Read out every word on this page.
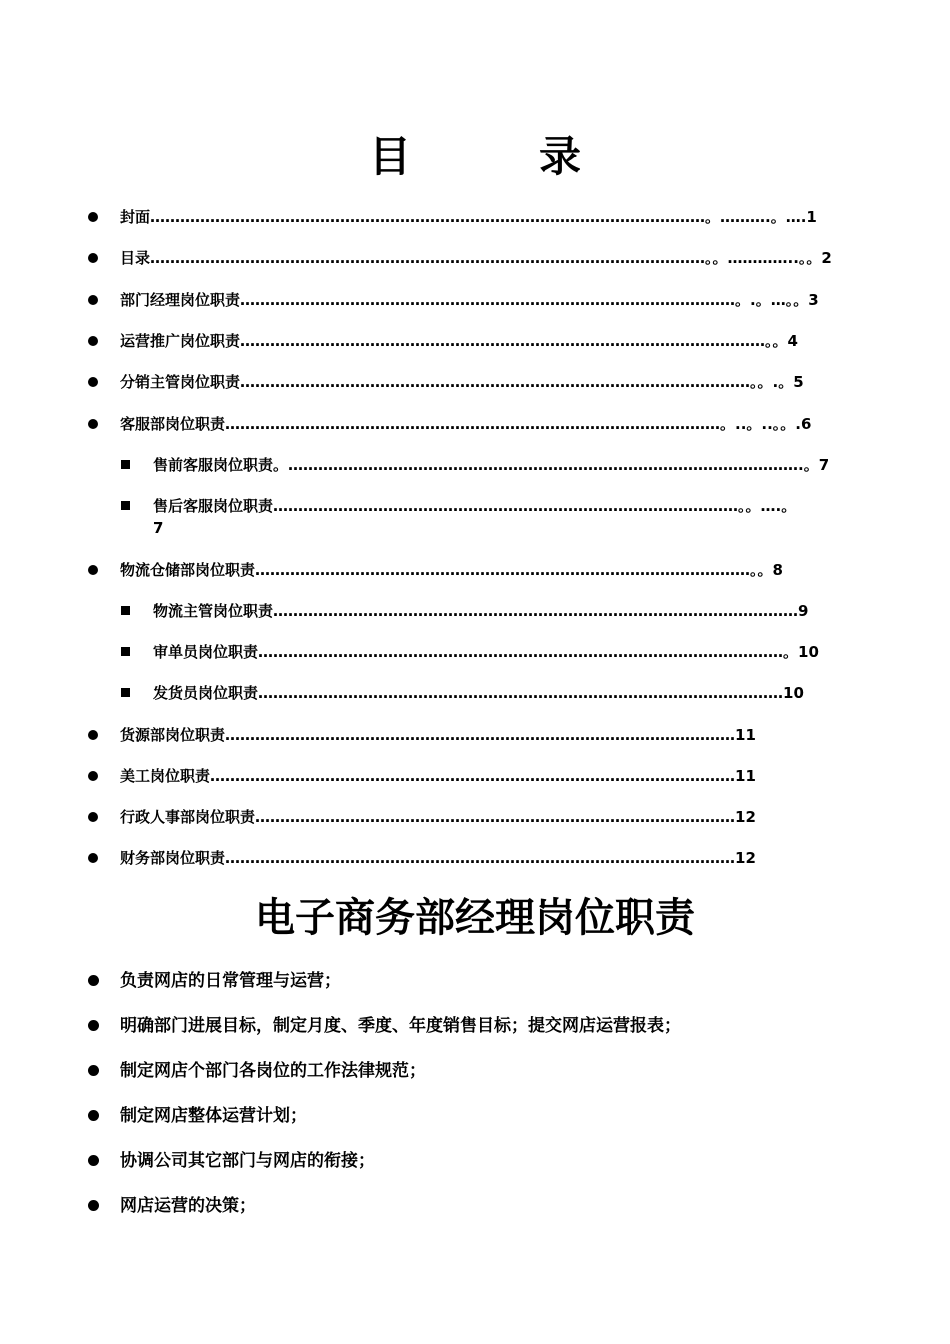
目	录
封面…………………………………………………………………………………………………。……….。….1
目录…………………………………………………………………………………………………。。…………..。。2
部门经理岗位职责………………………………………………………………………………………。.。…。。3
运营推广岗位职责……………………………………………………………………………………………。。4
分销主管岗位职责…………………………………………………………………………………………。。.。5
客服部岗位职责………………………………………………………………………………………。..。..。。.6
售前客服岗位职责。………………………………………………………………………………………….。7
售后客服岗位职责…………………………………………………………………………………。。….。
7
物流仓储部岗位职责………………………………………………………………………………………。。8
物流主管岗位职责……………………………………………………………………………………………9
审单员岗位职责……………………………………………………………………………………………。10
发货员岗位职责……………………………………………………………………………………………10
货源部岗位职责…………………………………………………………………………………………11
美工岗位职责……………………………………………………………………………………………11
行政人事部岗位职责……………………………………………………………………………………12
财务部岗位职责…………………………………………………………………………………………12
电子商务部经理岗位职责
负责网店的日常管理与运营；
明确部门进展目标，制定月度、季度、年度销售目标；提交网店运营报表；
制定网店个部门各岗位的工作法律规范；
制定网店整体运营计划；
协调公司其它部门与网店的衔接；
网店运营的决策；
